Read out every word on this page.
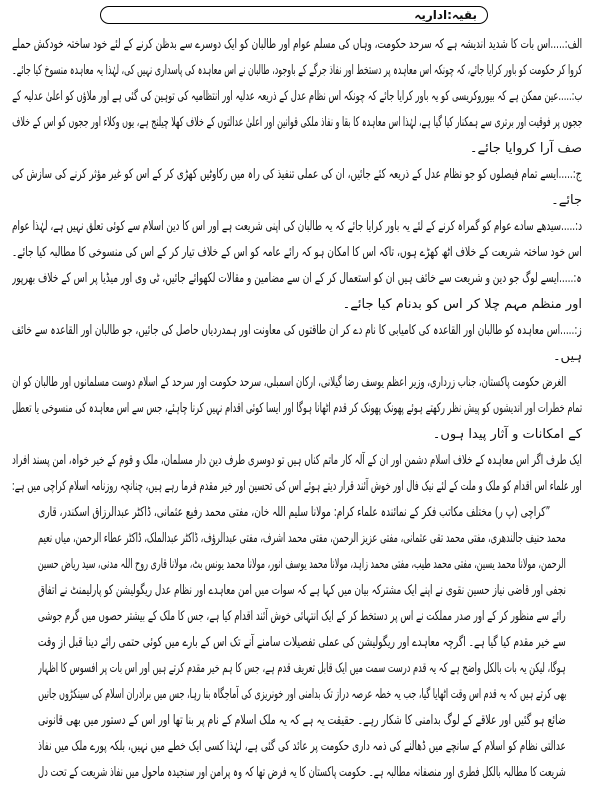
بقیہ:اداریہ
الف:.....اس بات کا شدید اندیشہ ہے کہ سرحد حکومت، وہاں کی مسلم عوام اور طالبان کو ایک دوسرے سے بدظن کرنے کے لئے خود ساختہ خودکش حملے
کروا کر حکومت کو باور کرایا جائے، کہ چونکہ اس معاہدہ پر دستخط اور نفاذ جرگے کے باوجود، طالبان نے اس معاہدہ کی پاسداری نہیں کی، لہٰذا یہ معاہدہ منسوخ کیا جائے۔
ب:.....عین ممکن ہے کہ بیوروکریسی کو یہ باور کرایا جائے کہ چونکہ اس نظام عدل کے ذریعہ عدلیہ اور انتظامیہ کی توہین کی گئی ہے اور ملاؤں کو اعلیٰ عدلیہ کے
ججوں پر فوقیت اور برتری سے ہمکنار کیا گیا ہے، لہٰذا اس معاہدہ کا بقا و نفاذ ملکی قوانین اور اعلیٰ عدالتوں کے خلاف کھلا چیلنج ہے، یوں وکلاء اور ججوں کو اس کے خلاف
صف آرا کروایا جائے۔
ج:.....ایسے تمام فیصلوں کو جو نظام عدل کے ذریعہ کئے جائیں، ان کی عملی تنفیذ کی راہ میں رکاوٹیں کھڑی کر کے اس کو غیر مؤثر کرنے کی سازش کی
جائے۔
د:.....سیدھے سادے عوام کو گمراہ کرنے کے لئے یہ باور کرایا جائے کہ یہ طالبان کی اپنی شریعت ہے اور اس کا دین اسلام سے کوئی تعلق نہیں ہے، لہٰذا عوام
اس خود ساختہ شریعت کے خلاف اٹھ کھڑے ہوں، تاکہ اس کا امکان ہو کہ رائے عامہ کو اس کے خلاف تیار کر کے اس کی منسوخی کا مطالبہ کیا جائے۔
ہ:.....ایسے لوگ جو دین و شریعت سے خائف ہیں ان کو استعمال کر کے ان سے مضامین و مقالات لکھوائے جائیں، ٹی وی اور میڈیا پر اس کے خلاف بھرپور
اور منظم مہم چلا کر اس کو بدنام کیا جائے۔
ز:.....اس معاہدہ کو طالبان اور القاعدہ کی کامیابی کا نام دے کر ان طاقتوں کی معاونت اور ہمدردیاں حاصل کی جائیں، جو طالبان اور القاعدہ سے خائف
ہیں۔
الغرض حکومت پاکستان، جناب زرداری، وزیر اعظم یوسف رضا گیلانی، ارکان اسمبلی، سرحد حکومت اور سرحد کے اسلام دوست مسلمانوں اور طالبان کو ان
تمام خطرات اور اندیشوں کو پیش نظر رکھتے ہوئے پھونک پھونک کر قدم اٹھانا ہوگا اور ایسا کوئی اقدام نہیں کرنا چاہئے، جس سے اس معاہدہ کی منسوخی یا تعطل
کے امکانات و آثار پیدا ہوں۔
ایک طرف اگر اس معاہدہ کے خلاف اسلام دشمن اور ان کے آلہ کار ماتم کناں ہیں تو دوسری طرف دین دار مسلمان، ملک و قوم کے خیر خواہ، امن پسند افراد
اور علماء اس اقدام کو ملک و ملت کے لئے نیک فال اور خوش آئند قرار دیتے ہوئے اس کی تحسین اور خیر مقدم فرما رہے ہیں، چنانچہ روزنامہ اسلام کراچی میں ہے:
”کراچی (پ ر) مختلف مکاتب فکر کے نمائندہ علماء کرام: مولانا سلیم اللہ خان، مفتی محمد رفیع عثمانی، ڈاکٹر عبدالرزاق اسکندر، قاری
محمد حنیف جالندھری، مفتی محمد تقی عثمانی، مفتی عزیز الرحمن، مفتی محمد اشرف، مفتی عبدالرؤف، ڈاکٹر عبدالملک، ڈاکٹر عطاء الرحمن، میاں نعیم
الرحمن، مولانا محمد یسین، مفتی محمد طیب، مفتی محمد زاہد، مولانا محمد یوسف انور، مولانا محمد یونس بٹ، مولانا قاری روح اللہ مدنی، سید ریاض حسین
نجفی اور قاضی نیاز حسین نقوی نے اپنے ایک مشترکہ بیان میں کہا ہے کہ سوات میں امن معاہدے اور نظام عدل ریگولیشن کو پارلیمنٹ نے اتفاق
رائے سے منظور کر کے اور صدر مملکت نے اس پر دستخط کر کے ایک انتہائی خوش آئند اقدام کیا ہے، جس کا ملک کے بیشتر حصوں میں گرم جوشی
سے خیر مقدم کیا گیا ہے۔ اگرچہ معاہدے اور ریگولیشن کی عملی تفصیلات سامنے آنے تک اس کے بارے میں کوئی حتمی رائے دینا قبل از وقت
ہوگا، لیکن یہ بات بالکل واضح ہے کہ یہ قدم درست سمت میں ایک قابل تعریف قدم ہے، جس کا ہم خیر مقدم کرتے ہیں اور اس بات پر افسوس کا اظہار
بھی کرتے ہیں کہ یہ قدم اس وقت اٹھایا گیا، جب یہ خطہ عرصہ دراز تک بدامنی اور خونریزی کی آماجگاہ بنا رہا، جس میں برادران اسلام کی سینکڑوں جانیں
ضائع ہو گئیں اور علاقے کے لوگ بدامنی کا شکار رہے۔ حقیقت یہ ہے کہ یہ ملک اسلام کے نام پر بنا تھا اور اس کے دستور میں بھی قانونی
عدالتی نظام کو اسلام کے سانچے میں ڈھالنے کی ذمہ داری حکومت پر عائد کی گئی ہے، لہٰذا کسی ایک خطے میں نہیں، بلکہ پورے ملک میں نفاذ
شریعت کا مطالبہ بالکل فطری اور منصفانہ مطالبہ ہے۔ حکومت پاکستان کا یہ فرض تھا کہ وہ پرامن اور سنجیدہ ماحول میں نفاذ شریعت کے تحت دل
